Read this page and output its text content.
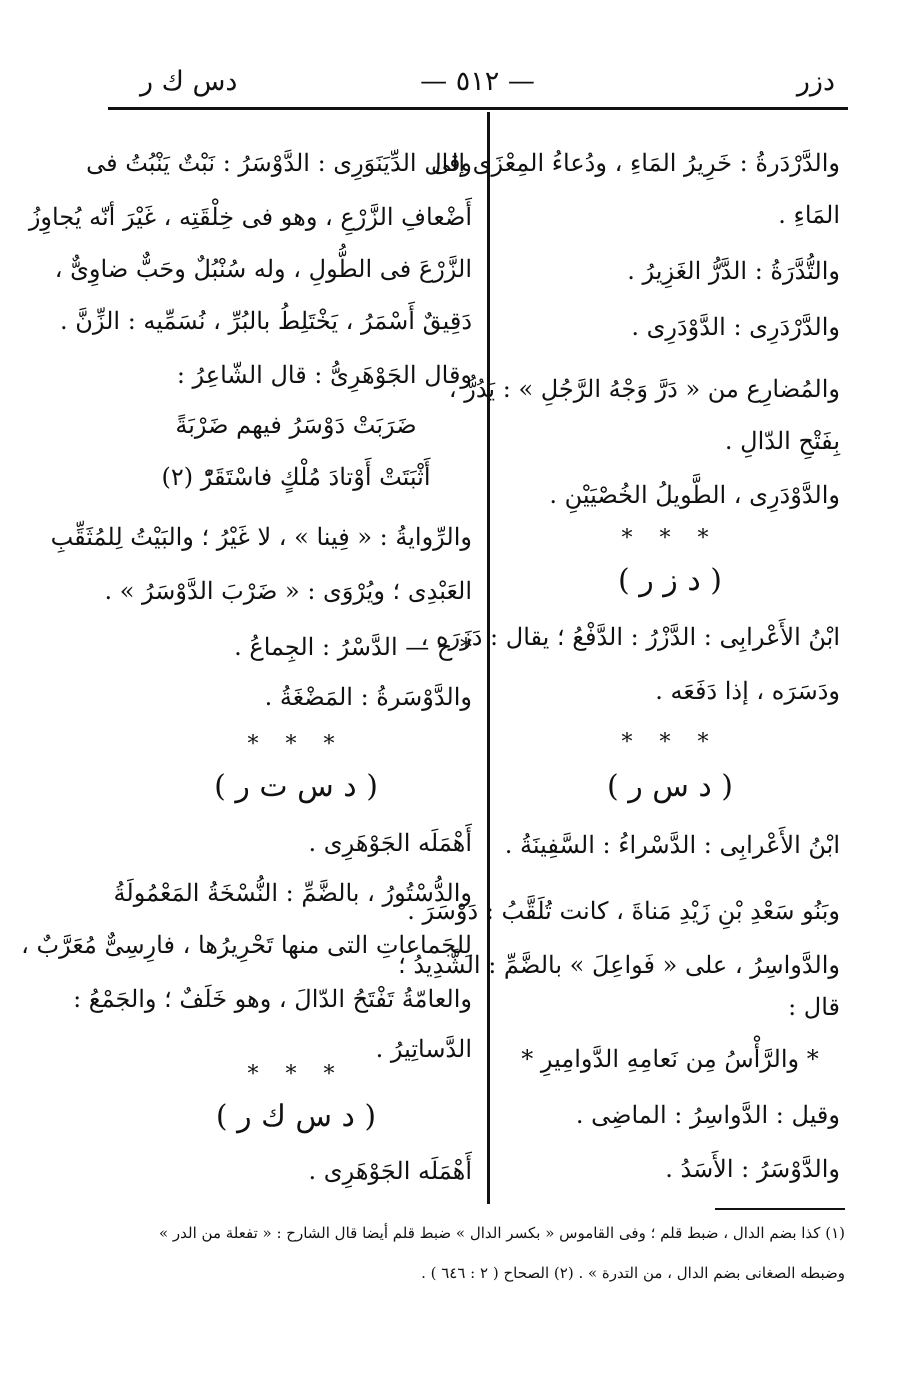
دزر
— ٥١٢ —
دس ك ر
والدَّرْدَرةُ : خَرِيرُ المَاءِ ، ودُعاءُ المِعْزَى إلى
المَاءِ .
والتُّدَّرَةُ : الدَّرُّ الغَزِيرُ .
والدَّرْدَرِى : الدَّوْدَرِى .
والمُضارِع من « دَرَّ وَجْهُ الرَّجُلِ » : يَدُرُّ ،
بِفَتْحِ الدّالِ .
والدَّوْدَرِى ، الطَّويلُ الخُصْيَيْنِ .
* * *
( د ز ر )
ابْنُ الأَعْرابِى : الدَّزْرُ : الدَّفْعُ ؛ يقال : دَزَرَه ،
ودَسَرَه ، إذا دَفَعَه .
* * *
( د س ر )
ابْنُ الأَعْرابِى : الدَّسْراءُ : السَّفِينَةُ .
وبَنُو سَعْدِ بْنِ زَيْدِ مَناةَ ، كانت تُلَقَّبُ : دَوْسَرَ .
والدَّواسِرُ ، على « فَواعِلَ » بالضَّمِّ : الشَّدِيدُ ؛
قال :
* والرَّأْسُ مِن نَعامِهِ الدَّوامِيرِ *
وقيل : الدَّواسِرُ : الماضِى .
والدَّوْسَرُ : الأَسَدُ .
وقال الدِّيَنَوَرِى : الدَّوْسَرُ : نَبْتٌ يَنْبُتُ فى
أَضْعافِ الزَّرْعِ ، وهو فى خِلْقَتِه ، غَيْرَ أنّه يُجاوِزُ
الزَّرْعَ فى الطُّولِ ، وله سُنْبُلٌ وحَبٌّ ضاوِىٌّ ،
دَقِيقٌ أَسْمَرُ ، يَخْتَلِطُ بالبُرِّ ، نُسَمِّيه : الزِّنَّ .
وقال الجَوْهَرِىُّ : قال الشّاعِرُ :
ضَرَبَتْ دَوْسَرُ فيهم ضَرْبَةً
أَثْبَتَتْ أَوْتادَ مُلْكٍ فاسْتَقَرّْ (٢)
والرِّوايةُ : « فِينا » ، لا غَيْرُ ؛ والبَيْتُ لِلمُثَقِّبِ
العَبْدِى ؛ ويُرْوَى : « ضَرْبَ الدَّوْسَرُ » .
* ح — الدَّسْرُ : الجِماعُ .
والدَّوْسَرةُ : المَضْغَةُ .
* * *
( د س ت ر )
أَهْمَلَه الجَوْهَرِى .
والدُّسْتُورُ ، بالضَّمِّ : النُّسْخَةُ المَعْمُولَةُ
لِلجَماعاتِ التى منها تَحْرِيرُها ، فارِسِىٌّ مُعَرَّبٌ ،
والعامّةُ تَفْتَحُ الدّالَ ، وهو خَلَفٌ ؛ والجَمْعُ :
الدَّساتِيرُ .
* * *
( د س ك ر )
أَهْمَلَه الجَوْهَرِى .
(١) كذا بضم الدال ، ضبط قلم ؛ وفى القاموس « بكسر الدال » ضبط قلم أيضا قال الشارح : « تفعلة من الدر »
وضبطه الصغانى بضم الدال ، من التدرة » . (٢) الصحاح ( ٢ : ٦٤٦ ) .
